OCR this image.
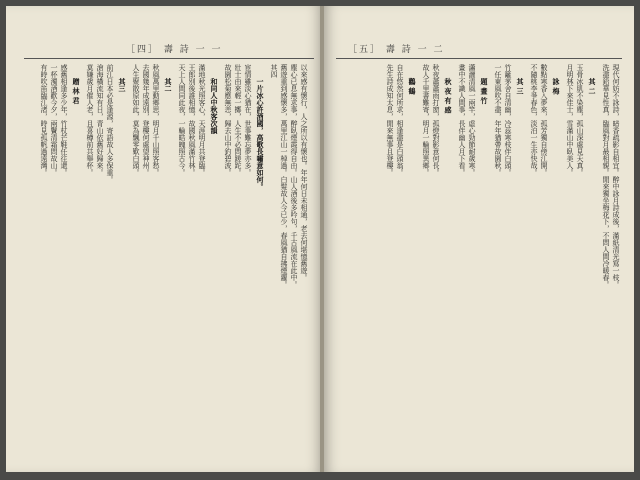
［四］ 壽 詩 一 一
以來感有懷行，人之所以有懷也。年年何日未相通，老去何堪憶舊遊。
塵心已息無求事，醉臥煙霞得自由。山人酒後多吟句，千古風流在此中。
舊遊重到感懷多，萬里江山一棹過。白髮故人今已少，春風猶自拂煙蘿。
其四
一片冰心許酒國，高歌長嘯意如何。
宦情雖淡心猶在，世事難忘夢亦多。
壯士由來輕一擲，人生不必問蹉跎。
故園松菊應無恙，歸去山中釣碧波。
和同人中秋客次韻
滿地秋光照客心，天涯明月共登臨。
王郎別後誰相憶，故國秋風滿竹林。
天上人間同此夜，一輪皓魄照古今。
其二
秋風萬里動鄉思，明月千山照客愁。
去國幾年成遠別，登樓何處望神州。
人生聚散原如此，莫為飄零歎白頭。
其三
前江日本必是逢源，寄語故人多保重。
滄海橫流知有日，青山依舊好歸來。
莫嫌歲月催人老，且喜樽前共舉杯。
贈 林 君
感舊相逢多少年，竹杖芒鞋任往還。
一杯濁酒歡今夕，兩鬢清霜問故山。
有時吹笛臨江渚，時見孤帆過遠灣。
［五］ 壽 詩 一 二
現代何妨不詠詩，暗香疏影自相宜。醉中詠月詩成後，滿紙清光寫一枝。
洗盡鉛華見性真，臨風對月最相親。閒來獨坐梅花下，不問人間冷暖春。
其 二
玉骨冰肌不染塵，孤山深處見天真。
月明林下來佳士，雪滿山中臥美人。
詠 梅
數點寒香入夢來，孤芳獨自傍江開。
不隨桃李爭春色，淡泊一生亦快哉。
其 三
竹籬茅舍自清幽，冷蕊寒枝伴白頭。
一任東風吹不盡，年年猶帶故園秋。
題 畫 竹
瀟灑清風一兩竿，虛心勁節耐歲寒。
畫中不識人間事，長伴幽人月下看。
秋 夜 有 感
秋夜蕭蕭雨打窗，孤燈對影意何長。
故人千里書難寄，明月一輪照異鄉。
鸛 鶴
自在悠然何所求，相逢盡是白頭翁。
先生詩成知太息，閒來無事且登樓。
